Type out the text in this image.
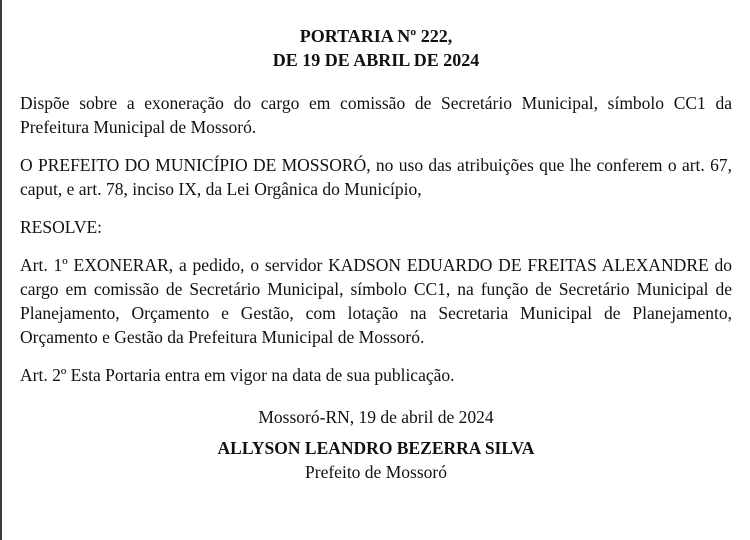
PORTARIA Nº 222,
DE 19 DE ABRIL DE 2024

Dispõe sobre a exoneração do cargo em comissão de Secretário Municipal, símbolo CC1 da Prefeitura Municipal de Mossoró.

O PREFEITO DO MUNICÍPIO DE MOSSORÓ, no uso das atribuições que lhe conferem o art. 67, caput, e art. 78, inciso IX, da Lei Orgânica do Município,

RESOLVE:

Art. 1º EXONERAR, a pedido, o servidor KADSON EDUARDO DE FREITAS ALEXANDRE do cargo em comissão de Secretário Municipal, símbolo CC1, na função de Secretário Municipal de Planejamento, Orçamento e Gestão, com lotação na Secretaria Municipal de Planejamento, Orçamento e Gestão da Prefeitura Municipal de Mossoró.

Art. 2º Esta Portaria entra em vigor na data de sua publicação.

Mossoró-RN, 19 de abril de 2024
ALLYSON LEANDRO BEZERRA SILVA
Prefeito de Mossoró
